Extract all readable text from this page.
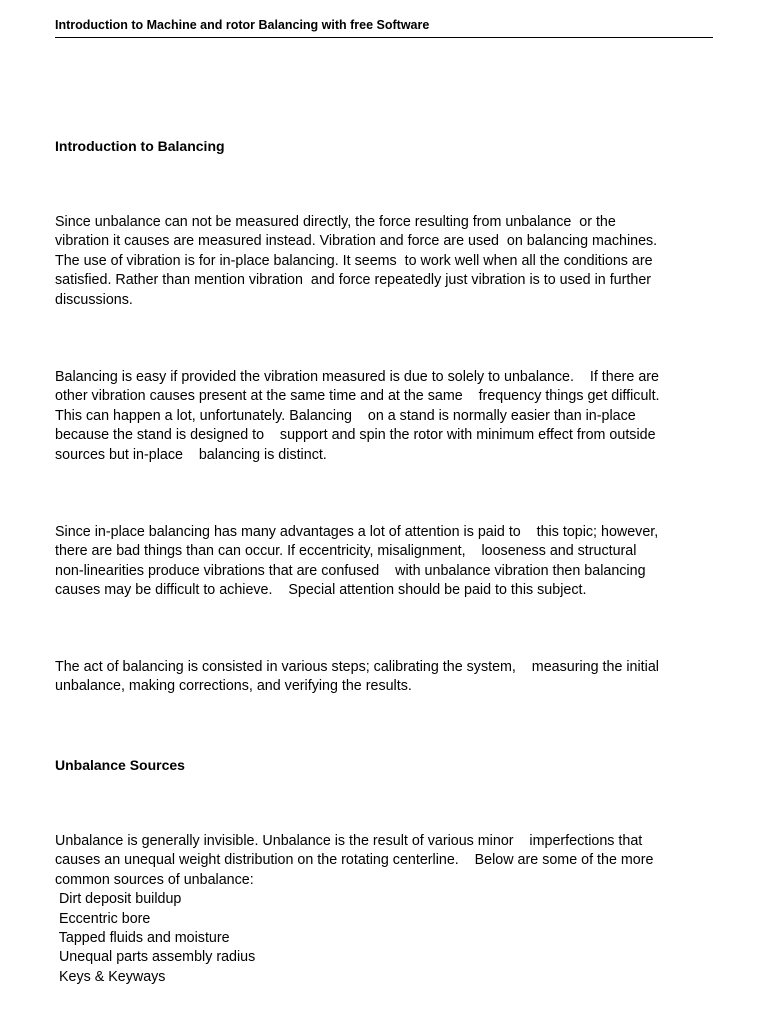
Introduction to Machine and rotor Balancing with free Software
Introduction to Balancing
Since unbalance can not be measured directly, the force resulting from unbalance  or the
vibration it causes are measured instead. Vibration and force are used  on balancing machines.
The use of vibration is for in-place balancing. It seems  to work well when all the conditions are
satisfied. Rather than mention vibration  and force repeatedly just vibration is to used in further
discussions.
Balancing is easy if provided the vibration measured is due to solely to unbalance.    If there are
other vibration causes present at the same time and at the same    frequency things get difficult.
This can happen a lot, unfortunately. Balancing    on a stand is normally easier than in-place
because the stand is designed to    support and spin the rotor with minimum effect from outside
sources but in-place    balancing is distinct.
Since in-place balancing has many advantages a lot of attention is paid to    this topic; however,
there are bad things than can occur. If eccentricity, misalignment,    looseness and structural
non-linearities produce vibrations that are confused    with unbalance vibration then balancing
causes may be difficult to achieve.    Special attention should be paid to this subject.
The act of balancing is consisted in various steps; calibrating the system,    measuring the initial
unbalance, making corrections, and verifying the results.
Unbalance Sources
Unbalance is generally invisible. Unbalance is the result of various minor    imperfections that
causes an unequal weight distribution on the rotating centerline.    Below are some of the more
common sources of unbalance:
Dirt deposit buildup
Eccentric bore
Tapped fluids and moisture
Unequal parts assembly radius
Keys & Keyways
